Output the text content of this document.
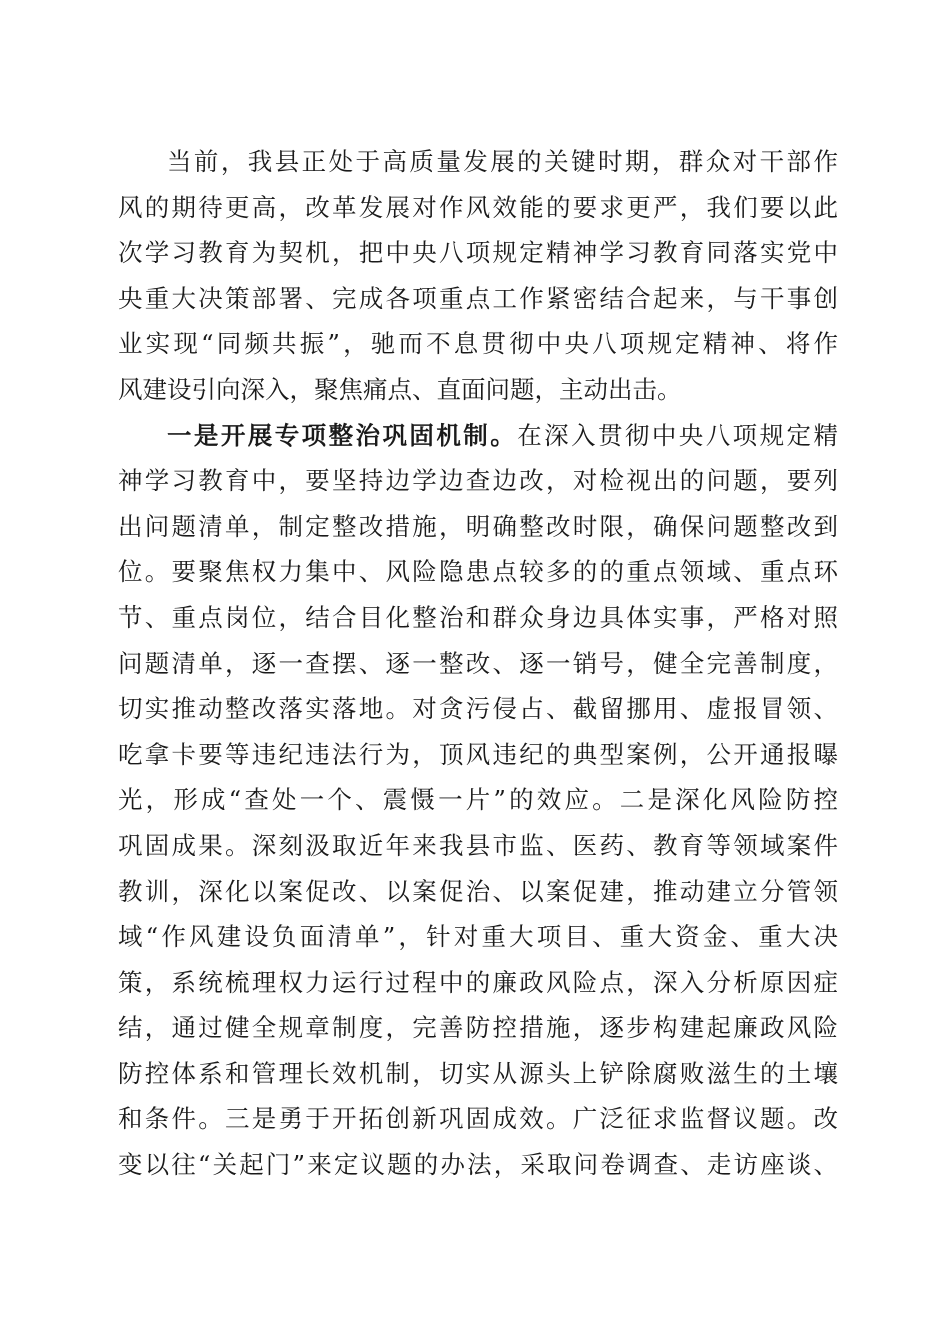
当前，我县正处于高质量发展的关键时期，群众对干部作
风的期待更高，改革发展对作风效能的要求更严，我们要以此
次学习教育为契机，把中央八项规定精神学习教育同落实党中
央重大决策部署、完成各项重点工作紧密结合起来，与干事创
业实现“同频共振”，驰而不息贯彻中央八项规定精神、将作
风建设引向深入，聚焦痛点、直面问题，主动出击。
一是开展专项整治巩固机制。在深入贯彻中央八项规定精
神学习教育中，要坚持边学边查边改，对检视出的问题，要列
出问题清单，制定整改措施，明确整改时限，确保问题整改到
位。要聚焦权力集中、风险隐患点较多的的重点领域、重点环
节、重点岗位，结合目化整治和群众身边具体实事，严格对照
问题清单，逐一查摆、逐一整改、逐一销号，健全完善制度，
切实推动整改落实落地。对贪污侵占、截留挪用、虚报冒领、
吃拿卡要等违纪违法行为，顶风违纪的典型案例，公开通报曝
光，形成“查处一个、震慑一片”的效应。二是深化风险防控
巩固成果。深刻汲取近年来我县市监、医药、教育等领域案件
教训，深化以案促改、以案促治、以案促建，推动建立分管领
域“作风建设负面清单”，针对重大项目、重大资金、重大决
策，系统梳理权力运行过程中的廉政风险点，深入分析原因症
结，通过健全规章制度，完善防控措施，逐步构建起廉政风险
防控体系和管理长效机制，切实从源头上铲除腐败滋生的土壤
和条件。三是勇于开拓创新巩固成效。广泛征求监督议题。改
变以往“关起门”来定议题的办法，采取问卷调查、走访座谈、
